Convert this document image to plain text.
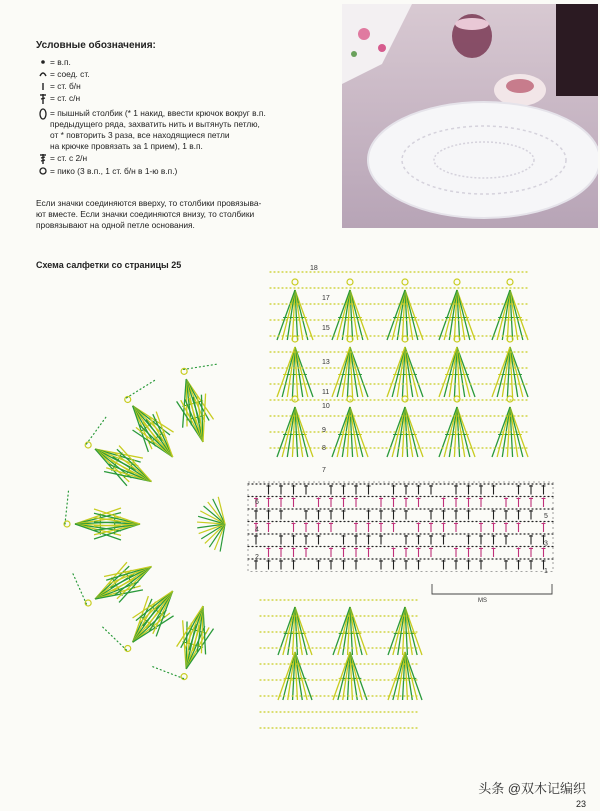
Условные обозначения:
= в.п.
= соед. ст.
= ст. б/н
= ст. с/н
= пышный столбик (* 1 накид, ввести крючок вокруг в.п.
предыдущего ряда, захватить нить и вытянуть петлю,
от * повторить 3 раза, все находящиеся петли
на крючке провязать за 1 прием), 1 в.п.
= ст. с 2/н
= пико (3 в.п., 1 ст. б/н в 1-ю в.п.)
Если значки соединяются вверху, то столбики провязыва-
ют вместе. Если значки соединяются внизу, то столбики
провязывают на одной петле основания.
Схема салфетки со страницы 25	18
17
15
13
11
10
9
8
7
6
4
2
5
3
1
MS
头条 @双木记编织
23
